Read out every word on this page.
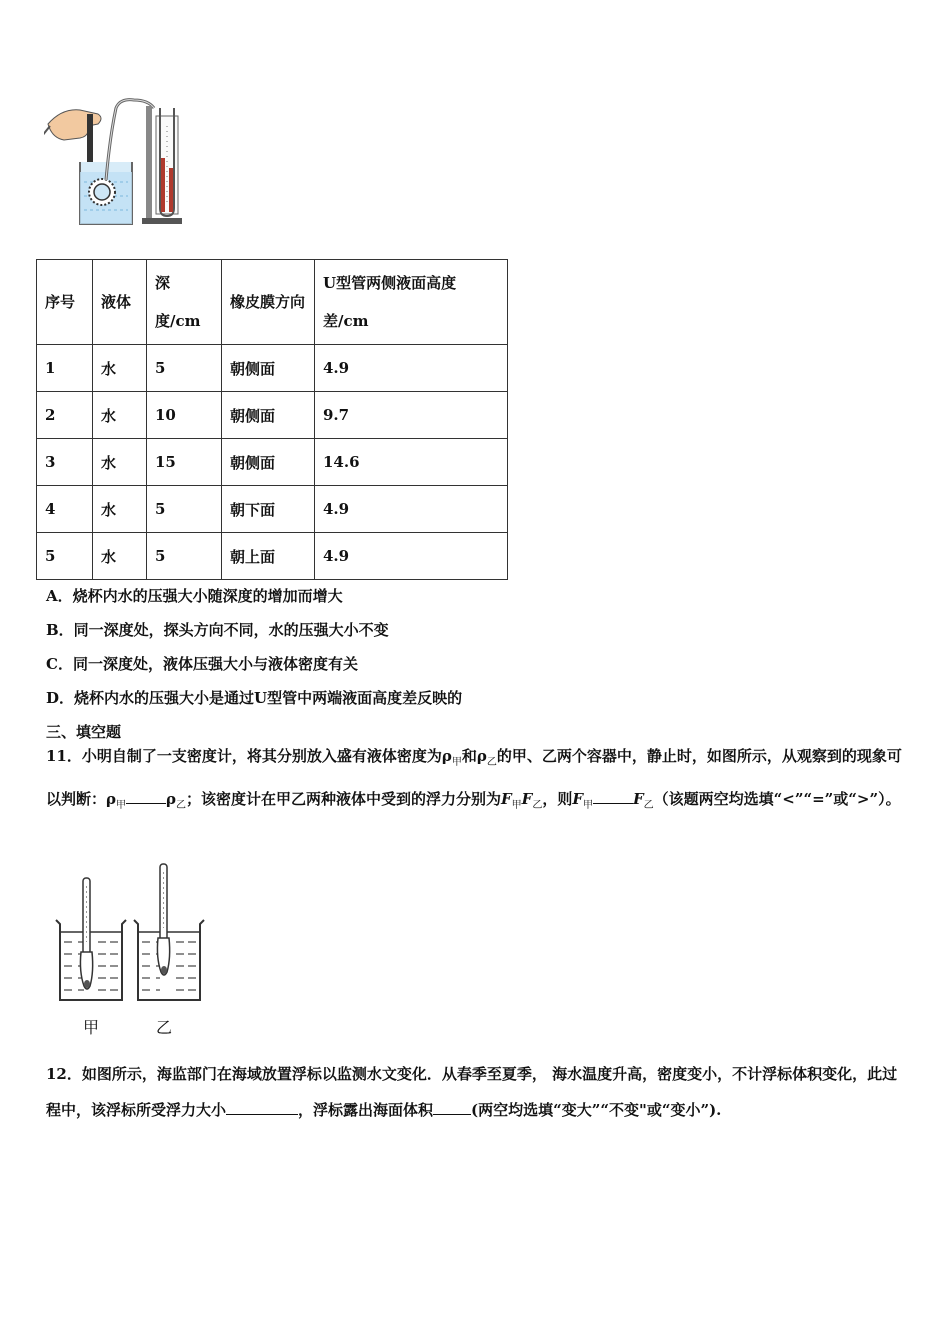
序号	液体	深度/cm	橡皮膜方向	U型管两侧液面高度差/cm
1	水	5	朝侧面	4.9
2	水	10	朝侧面	9.7
3	水	15	朝侧面	14.6
4	水	5	朝下面	4.9
5	水	5	朝上面	4.9
A．烧杯内水的压强大小随深度的增加而增大
B．同一深度处，探头方向不同，水的压强大小不变
C．同一深度处，液体压强大小与液体密度有关
D．烧杯内水的压强大小是通过U型管中两端液面高度差反映的
三、填空题
11．小明自制了一支密度计，将其分别放入盛有液体密度为$\rho_甲$和$\rho_乙$的甲、乙两个容器中，静止时，如图所示，从观察到的现象可以判断：$\rho_甲$	$\rho_乙$；该密度计在甲乙两种液体中受到的浮力分别为$F_甲F_乙$，则$F_甲$	$F_乙$（该题两空均选填“<”“=”或“>”）。
甲	乙
12．如图所示，海监部门在海域放置浮标以监测水文变化．从春季至夏季， 海水温度升高，密度变小，不计浮标体积变化，此过程中，该浮标所受浮力大小	，浮标露出海面体积	(两空均选填“变大”“不变"或“变小”).
